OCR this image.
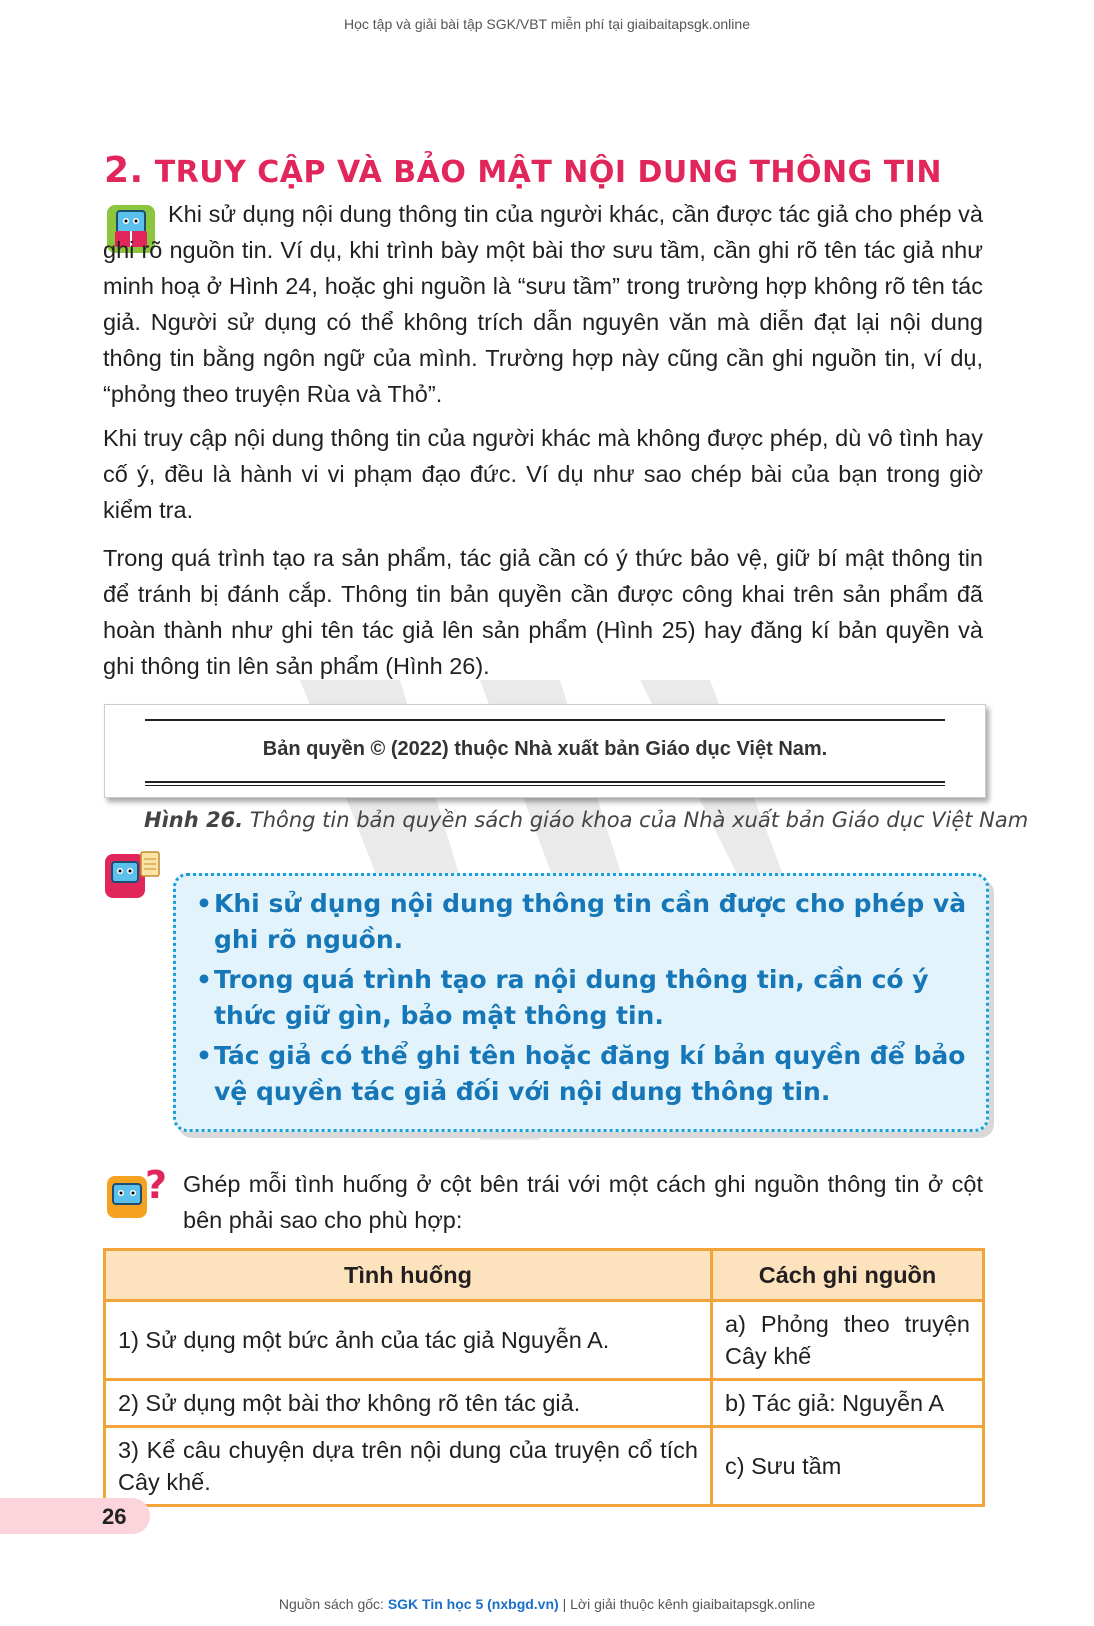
Học tập và giải bài tập SGK/VBT miễn phí tại giaibaitapsgk.online
2. TRUY CẬP VÀ BẢO MẬT NỘI DUNG THÔNG TIN

Khi sử dụng nội dung thông tin của người khác, cần được tác giả cho phép và ghi rõ nguồn tin. Ví dụ, khi trình bày một bài thơ sưu tầm, cần ghi rõ tên tác giả như minh hoạ ở Hình 24, hoặc ghi nguồn là “sưu tầm” trong trường hợp không rõ tên tác giả. Người sử dụng có thể không trích dẫn nguyên văn mà diễn đạt lại nội dung thông tin bằng ngôn ngữ của mình. Trường hợp này cũng cần ghi nguồn tin, ví dụ, “phỏng theo truyện Rùa và Thỏ”.

Khi truy cập nội dung thông tin của người khác mà không được phép, dù vô tình hay cố ý, đều là hành vi vi phạm đạo đức. Ví dụ như sao chép bài của bạn trong giờ kiểm tra.

Trong quá trình tạo ra sản phẩm, tác giả cần có ý thức bảo vệ, giữ bí mật thông tin để tránh bị đánh cắp. Thông tin bản quyền cần được công khai trên sản phẩm đã hoàn thành như ghi tên tác giả lên sản phẩm (Hình 25) hay đăng kí bản quyền và ghi thông tin lên sản phẩm (Hình 26).

Bản quyền © (2022) thuộc Nhà xuất bản Giáo dục Việt Nam.
Hình 26. Thông tin bản quyền sách giáo khoa của Nhà xuất bản Giáo dục Việt Nam
• Khi sử dụng nội dung thông tin cần được cho phép và ghi rõ nguồn.
• Trong quá trình tạo ra nội dung thông tin, cần có ý thức giữ gìn, bảo mật thông tin.
• Tác giả có thể ghi tên hoặc đăng kí bản quyền để bảo vệ quyền tác giả đối với nội dung thông tin.
? Ghép mỗi tình huống ở cột bên trái với một cách ghi nguồn thông tin ở cột bên phải sao cho phù hợp:

Tình huống	Cách ghi nguồn
1) Sử dụng một bức ảnh của tác giả Nguyễn A.	a) Phỏng theo truyện Cây khế
2) Sử dụng một bài thơ không rõ tên tác giả.	b) Tác giả: Nguyễn A
3) Kể câu chuyện dựa trên nội dung của truyện cổ tích Cây khế.	c) Sưu tầm
26
Nguồn sách gốc: SGK Tin học 5 (nxbgd.vn) | Lời giải thuộc kênh giaibaitapsgk.online
